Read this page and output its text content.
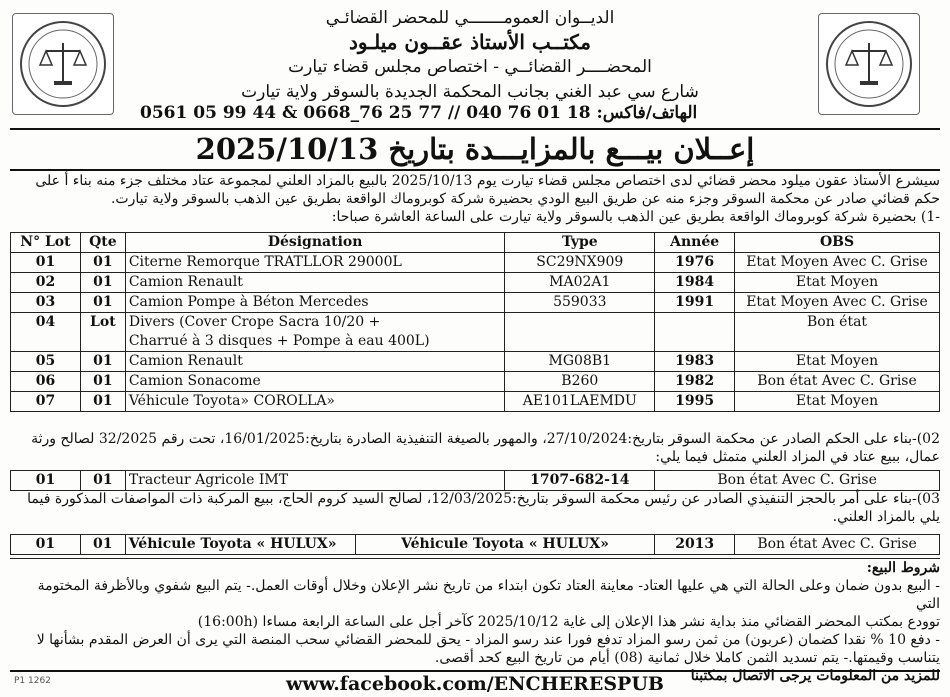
الديــوان العمومـــــــي للمحضر القضائـي
مكتــب الأستاذ عقــون ميلـود
المحضــــر القضائــي - اختصاص مجلس قضاء تيارت
شارع سي عبد الغني بجانب المحكمة الجديدة بالسوقر ولاية تيارت
الهاتف/فاكس: 18 01 76 040 // 77 25 76_0668 & 44 99 05 0561
إعــلان بيـــع بالمزايـــدة بتاريخ 2025/10/13
سيشرع الأستاذ عقون ميلود محضر قضائي لدى اختصاص مجلس قضاء تيارت يوم 2025/10/13 بالبيع بالمزاد العلني لمجموعة عتاد مختلف جزء منه بناء أ على حكم قضائي صادر عن محكمة السوقر وجزء منه عن طريق البيع الودي بحضيرة شركة كوبروماك الواقعة بطريق عين الذهب بالسوقر ولاية تيارت.
-1) بحضيرة شركة كوبروماك الواقعة بطريق عين الذهب بالسوقر ولاية تيارت على الساعة العاشرة صباحا:
N° Lot	Qte	Désignation	Type	Année	OBS
01	01	Citerne Remorque TRATLLOR 29000L	SC29NX909	1976	Etat Moyen Avec C. Grise
02	01	Camion Renault	MA02A1	1984	Etat Moyen
03	01	Camion Pompe à Béton Mercedes	559033	1991	Etat Moyen Avec C. Grise
04	Lot	Divers (Cover Crope Sacra 10/20 +
Charrué à 3 disques + Pompe à eau 400L)			Bon état
05	01	Camion Renault	MG08B1	1983	Etat Moyen
06	01	Camion Sonacome	B260	1982	Bon état Avec C. Grise
07	01	Véhicule Toyota» COROLLA»	AE101LAEMDU	1995	Etat Moyen
02)-بناء على الحكم الصادر عن محكمة السوقر بتاريخ:27/10/2024، والمهور بالصيغة التنفيذية الصادرة بتاريخ:16/01/2025، تحت رقم 32/2025 لصالح ورثة عمال، ببيع عتاد في المزاد العلني متمثل فيما يلي:
01	01	Tracteur Agricole IMT	1707-682-14	Bon état Avec C. Grise
03)-بناء على أمر بالحجز التنفيذي الصادر عن رئيس محكمة السوقر بتاريخ:12/03/2025، لصالح السيد كروم الحاج، ببيع المركبة ذات المواصفات المذكورة فيما يلي بالمزاد العلني.
01	01	Véhicule Toyota « HULUX»	Véhicule Toyota « HULUX»	2013	Bon état Avec C. Grise
شروط البيع:
- البيع بدون ضمان وعلى الحالة التي هي عليها العتاد- معاينة العتاد تكون ابتداء من تاريخ نشر الإعلان وخلال أوقات العمل.- يتم البيع شفوي وبالأظرفة المختومة التي
توودع بمكتب المحضر القضائي منذ بداية نشر هذا الإعلان إلى غاية 2025/10/12 كآخر أجل على الساعة الرابعة مساءا (16:00h)
- دفع 10 % نقدا كضمان (عربون) من ثمن رسو المزاد تدفع فورا عند رسو المزاد - يحق للمحضر القضائي سحب المنصة التي يرى أن العرض المقدم بشأنها لا
يتناسب وقيمتها.- يتم تسديد الثمن كاملا خلال ثمانية (08) أيام من تاريخ البيع كحد أقصى.
للمزيد من المعلومات يرجى الاتصال بمكتبنا
www.facebook.com/ENCHERESPUB
P1 1262
